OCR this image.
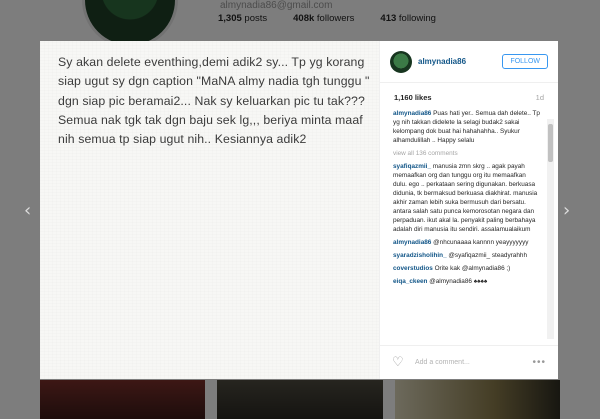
‹	›
Sy akan delete eventhing,demi adik2 sy... Tp yg korang siap ugut sy dgn caption "MaNA almy nadia tgh tunggu " dgn siap pic beramai2... Nak sy keluarkan pic tu tak??? Semua nak tgk tak dgn baju sek lg,,, beriya minta maaf nih semua tp siap ugut nih.. Kesiannya adik2
almynadia86	FOLLOW
1,160 likes	1d
almynadia86 Puas hati yer.. Semua dah delete.. Tp yg nih takkan didelete la selagi budak2 sakai kelompang dok buat hai hahahahha.. Syukur alhamdulillah .. Happy selalu
view all 136 comments
syafiqazmii_ manusia zmn skrg .. agak payah memaafkan org dan tunggu org itu memaafkan dulu. ego .. perkataan sering digunakan. berkuasa didunia, tk bermaksud berkuasa diakhirat. manusia akhir zaman lebih suka bermusuh dari bersatu. antara salah satu punca kemorosotan negara dan perpaduan. ikut akal la. penyakit paling berbahaya adalah diri manusia itu sendiri. assalamualaikum
almynadia86 @nhcunaaaa kannnn yeayyyyyyy
syaradzisholihin_ @syafiqazmii_ steadyrahhh
coverstudios Orite kak @almynadia86 ;)
eiqa_ckeen @almynadia86 ♠♠♠♠
♡	Add a comment...	•••
